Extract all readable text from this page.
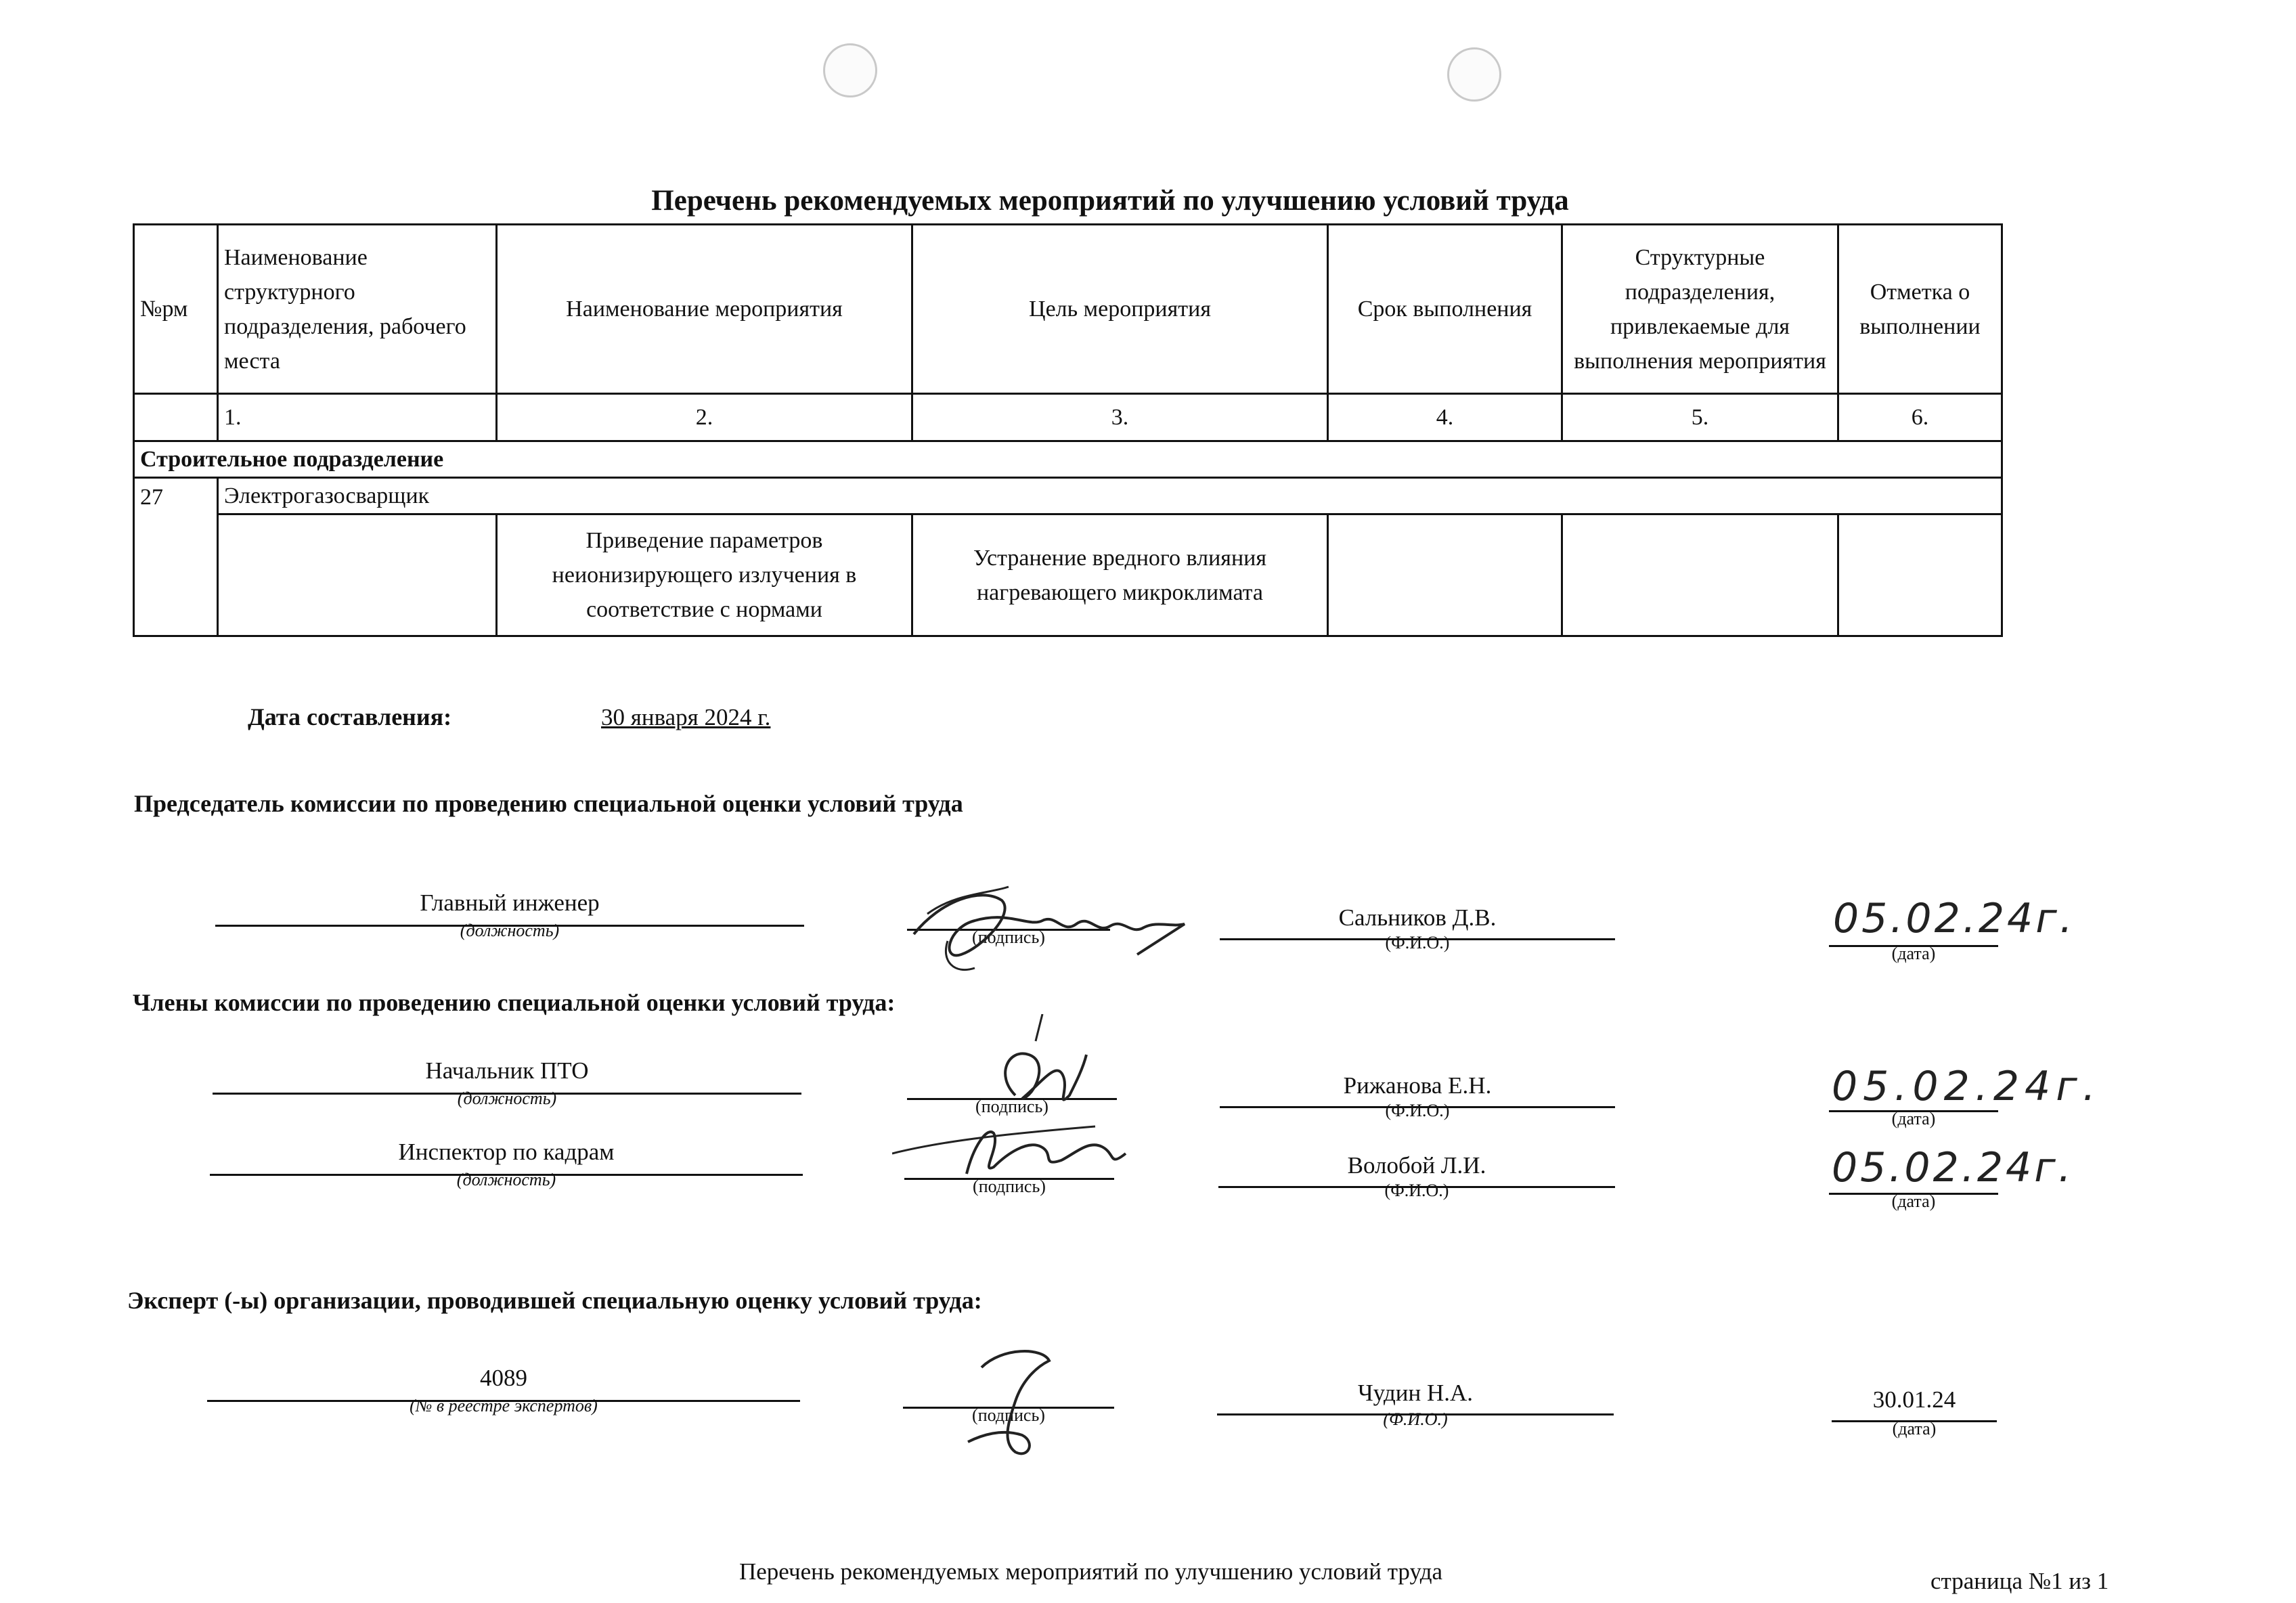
Перечень рекомендуемых мероприятий по улучшению условий труда
№рм	Наименование структурного подразделения, рабочего места	Наименование мероприятия	Цель мероприятия	Срок выполнения	Структурные подразделения, привлекаемые для выполнения мероприятия	Отметка о выполнении
	1.	2.	3.	4.	5.	6.
Строительное подразделение						
27	Электрогазосварщик					
		Приведение параметров неионизирующего излучения в соответствие с нормами	Устранение вредного влияния нагревающего микроклимата			
Дата составления:	30 января 2024 г.
Председатель комиссии по проведению специальной оценки условий труда
Главный инженер
(должность)	(подпись)
Сальников Д.В.
(Ф.И.О.)
05.02.24г.
(дата)
Члены комиссии по проведению специальной оценки условий труда:
Начальник ПТО
(должность)	(подпись)
Рижанова Е.Н.
(Ф.И.О.)
05.02.24г.
(дата)
Инспектор по кадрам
(должность)	(подпись)
Волобой Л.И.
(Ф.И.О.)	05.02.24г.
(дата)
Эксперт (-ы) организации, проводившей специальную оценку условий труда:
4089
(№ в реестре экспертов)	(подпись)
Чудин Н.А.
(Ф.И.О.)
30.01.24
(дата)
Перечень рекомендуемых мероприятий по улучшению условий труда	страница №1 из 1
